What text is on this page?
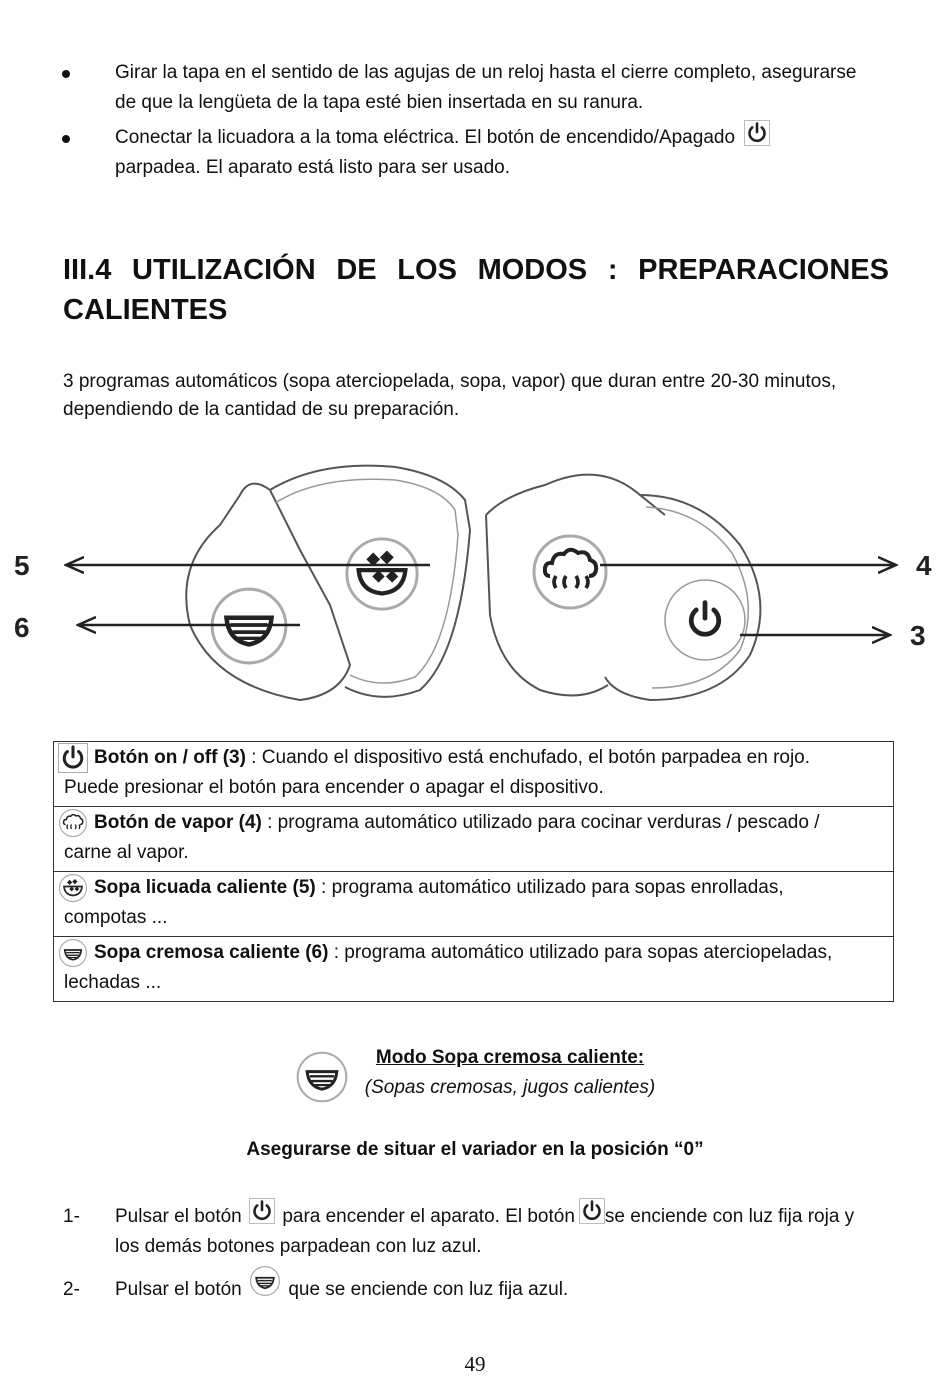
Girar la tapa en el sentido de las agujas de un reloj hasta el cierre completo, asegurarse
de que la lengüeta de la tapa esté bien insertada en su ranura.
Conectar la licuadora a la toma eléctrica. El botón de encendido/Apagado
parpadea. El aparato está listo para ser usado.
III.4 UTILIZACIÓN DE LOS MODOS : PREPARACIONES CALIENTES
3 programas automáticos (sopa aterciopelada, sopa, vapor) que duran entre 20-30 minutos,
dependiendo de la cantidad de su preparación.
5
6
4
3
Botón on / off (3) : Cuando el dispositivo está enchufado, el botón parpadea en rojo.
Puede presionar el botón para encender o apagar el dispositivo.
Botón de vapor (4) : programa automático utilizado para cocinar verduras / pescado /
carne al vapor.
Sopa licuada caliente (5) : programa automático utilizado para sopas enrolladas,
compotas ...
Sopa cremosa caliente (6) : programa automático utilizado para sopas aterciopeladas,
lechadas ...
Modo Sopa cremosa caliente:
(Sopas cremosas, jugos calientes)
Asegurarse de situar el variador en la posición “0”
1- Pulsar el botón para encender el aparato. El botón se enciende con luz fija roja y
los demás botones parpadean con luz azul.
2- Pulsar el botón que se enciende con luz fija azul.
49
